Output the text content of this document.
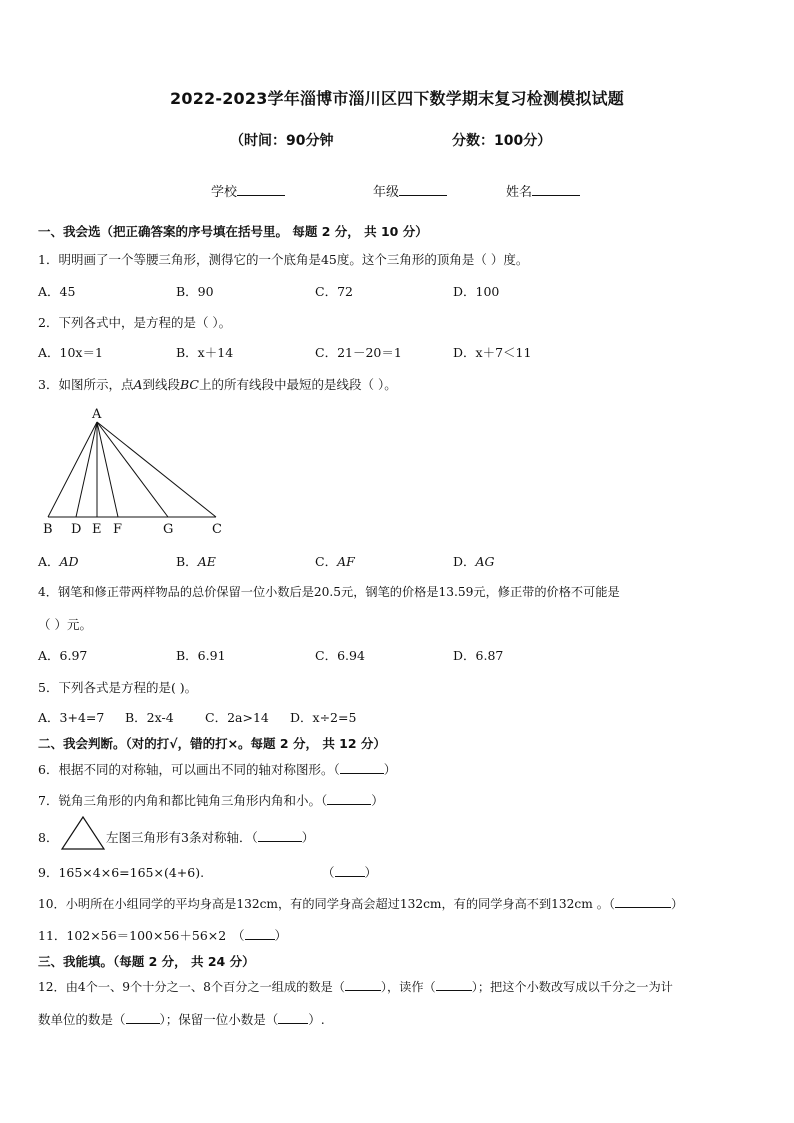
2022-2023学年淄博市淄川区四下数学期末复习检测模拟试题
（时间：90分钟	分数：100分）
学校	年级	姓名
一、我会选（把正确答案的序号填在括号里。 每题 2 分， 共 10 分）
1．明明画了一个等腰三角形，测得它的一个底角是45度。这个三角形的顶角是（ ）度。
A．45	B．90	C．72	D．100
2．下列各式中，是方程的是（ ）。
A．10x＝1	B．x＋14	C．21－20＝1	D．x＋7＜11
3．如图所示，点A到线段BC上的所有线段中最短的是线段（ ）。
A
B D E F	G	C
A．AD	B．AE	C．AF	D．AG
4．钢笔和修正带两样物品的总价保留一位小数后是20.5元，钢笔的价格是13.59元，修正带的价格不可能是
（ ）元。
A．6.97	B．6.91	C．6.94	D．6.87
5．下列各式是方程的是( )。
A．3+4=7 B．2x-4	C．2a>14 D．x÷2=5
二、我会判断。（对的打√，错的打×。每题 2 分， 共 12 分）
6．根据不同的对称轴，可以画出不同的轴对称图形。（	）
7．锐角三角形的内角和都比钝角三角形内角和小。（	）
8．	左图三角形有3条对称轴．（	）
9．165×4×6=165×(4+6).	（ ）
10．小明所在小组同学的平均身高是132cm，有的同学身高会超过132cm，有的同学身高不到132cm 。（	）
11．102×56＝100×56＋56×2 （ ）
三、我能填。（每题 2 分， 共 24 分）
12．由4个一、9个十分之一、8个百分之一组成的数是（	），读作（	）；把这个小数改写成以千分之一为计
数单位的数是（	）；保留一位小数是（ ）.
